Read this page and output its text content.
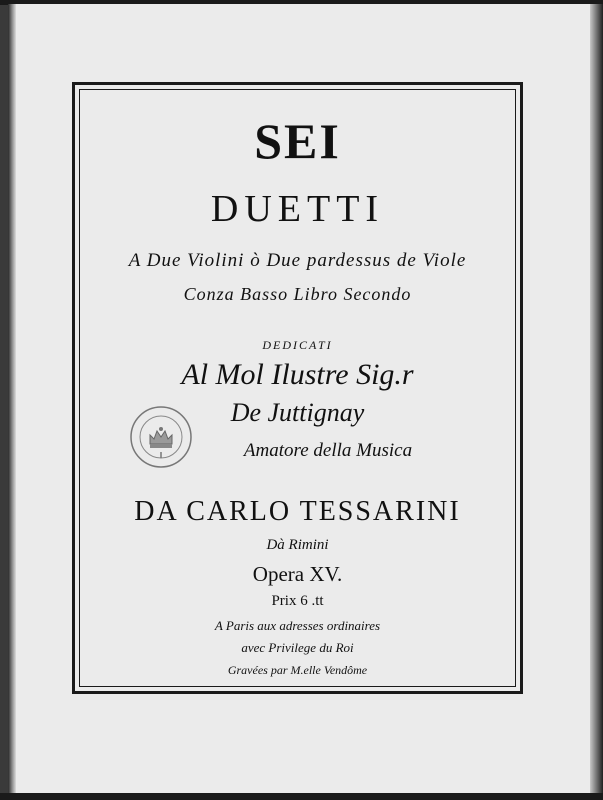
SEI
DUETTI
A Due Violini ò Due pardessus de Viole
Conza Basso Libro Secondo
DEDICATI
Al Mol Ilustre Sig.r
De Juttignay
Amatore della Musica
DA CARLO TESSARINI
Dà Rimini
Opera XV.
Prix 6 .tt
A Paris aux adresses ordinaires
avec Privilege du Roi
Gravées par M.elle Vendôme
